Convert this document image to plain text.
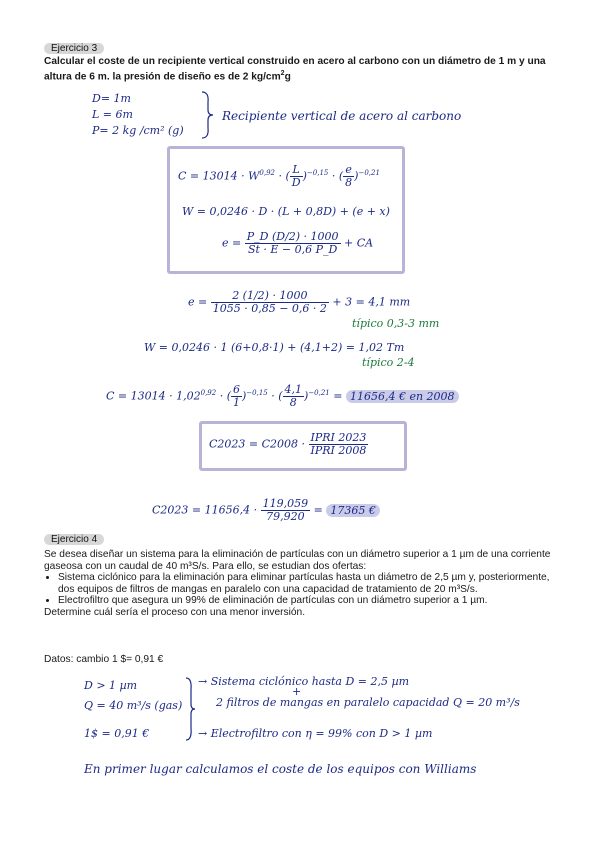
Ejercicio 3
Calcular el coste de un recipiente vertical construido en acero al carbono con un diámetro de 1 m y una altura de 6 m. la presión de diseño es de 2 $kg/cm^2g$
D= 1m
L = 6m
P= 2 kg /cm² (g)
Recipiente vertical de acero al carbono
C = 13014 · W$^{0,92}$ · ( $\frac{L}{D} )^{-0,15}$ · ( $\frac{e}{8} )^{-0,21}$
W = 0,0246 · D · (L + 0,8D) + (e + x)
$e = \frac{P\_D (D/2) \cdot 1000}{St \cdot E - 0,6 P\_D}$ + CA
$e = \frac{2 (1/2) \cdot 1000}{1055 \cdot 0,85 - 0,6 \cdot 2} + 3 = 4,1$ mm
típico 0,3-3 mm
W = 0,0246 · 1 (6+0,8·1) + (4,1+2) = 1,02 Tm
típico 2-4
$C = 13014 \cdot 1,02^{0,92}$ · ( $\frac{6}{1} )^{-0,15}$ · ( $\frac{4,1}{8} )^{-0,21} = 11656,4$ € en 2008
$C2023 = C2008 \cdot \frac{\text{IPRI 2023}}{\text{IPRI 2008}}$
$C2023 = 11656,4 \cdot \frac{119,059}{79,920} = 17365$ €
Ejercicio 4
Se desea diseñar un sistema para la eliminación de partículas con un diámetro superior a 1 µm de una corriente gaseosa con un caudal de 40 m³S/s. Para ello, se estudian dos ofertas:
• Sistema ciclónico para la eliminación para eliminar partículas hasta un diámetro de 2,5 µm y, posteriormente, dos equipos de filtros de mangas en paralelo con una capacidad de tratamiento de 20 m³S/s.
• Electrofiltro que asegura un 99% de eliminación de partículas con un diámetro superior a 1 µm.
Determine cuál sería el proceso con una menor inversión.
Datos: cambio 1 $= 0,91 €
D > 1 µm
Q = 40 m³/s (gas)
1$ = 0,91 €
→ Sistema ciclónico hasta D = 2,5 µm
+
2 filtros de mangas en paralelo capacidad Q = 20 m³/s
→ Electrofiltro con η = 99% con D > 1 µm
En primer lugar calculamos el coste de los equipos con Williams
